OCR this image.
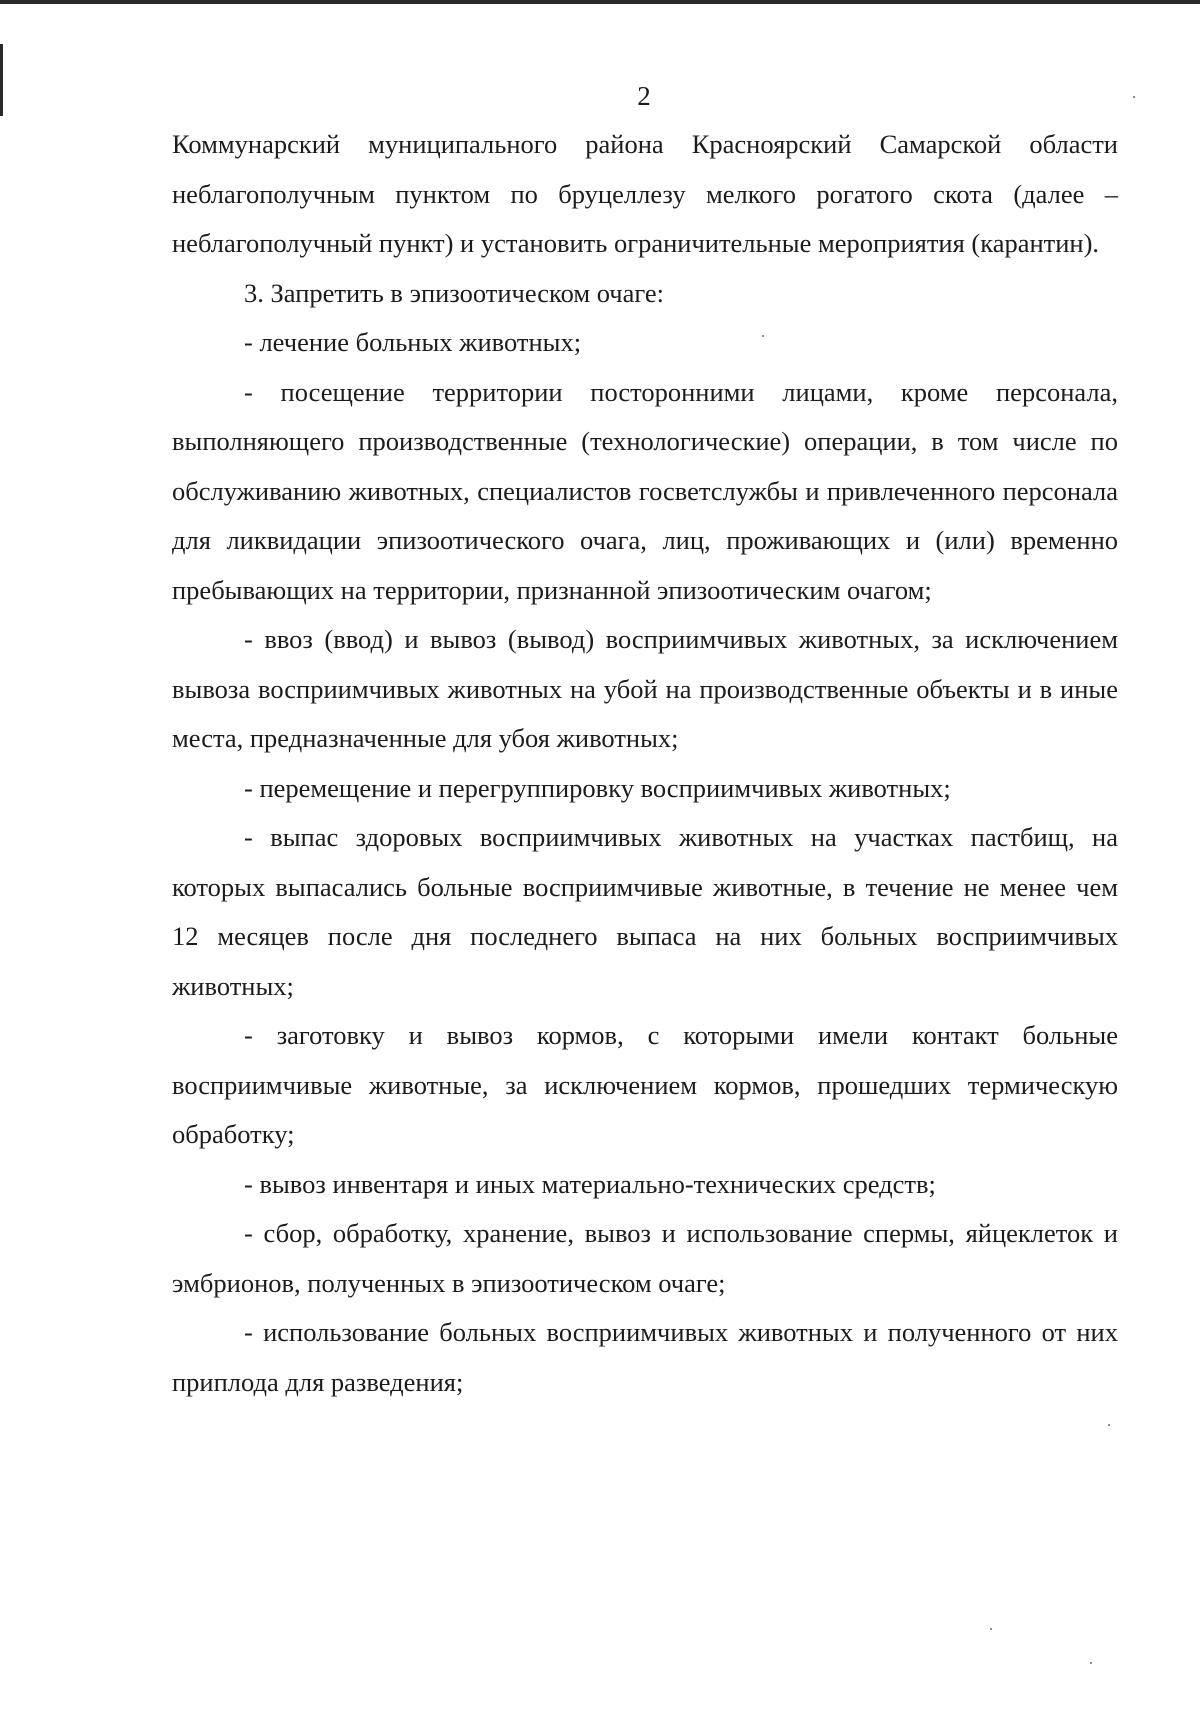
2

Коммунарский муниципального района Красноярский Самарской области неблагополучным пунктом по бруцеллезу мелкого рогатого скота (далее – неблагополучный пункт) и установить ограничительные мероприятия (карантин).

3. Запретить в эпизоотическом очаге:

- лечение больных животных;

- посещение территории посторонними лицами, кроме персонала, выполняющего производственные (технологические) операции, в том числе по обслуживанию животных, специалистов госветслужбы и привлеченного персонала для ликвидации эпизоотического очага, лиц, проживающих и (или) временно пребывающих на территории, признанной эпизоотическим очагом;

- ввоз (ввод) и вывоз (вывод) восприимчивых животных, за исключением вывоза восприимчивых животных на убой на производственные объекты и в иные места, предназначенные для убоя животных;

- перемещение и перегруппировку восприимчивых животных;

- выпас здоровых восприимчивых животных на участках пастбищ, на которых выпасались больные восприимчивые животные, в течение не менее чем 12 месяцев после дня последнего выпаса на них больных восприимчивых животных;

- заготовку и вывоз кормов, с которыми имели контакт больные восприимчивые животные, за исключением кормов, прошедших термическую обработку;

- вывоз инвентаря и иных материально-технических средств;

- сбор, обработку, хранение, вывоз и использование спермы, яйцеклеток и эмбрионов, полученных в эпизоотическом очаге;

- использование больных восприимчивых животных и полученного от них приплода для разведения;
